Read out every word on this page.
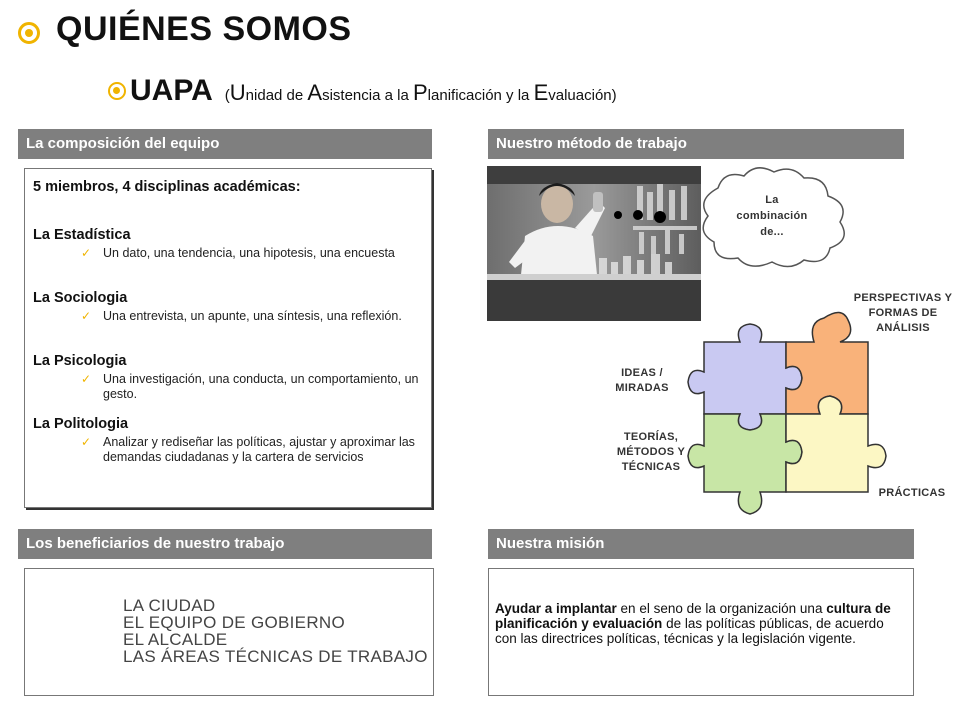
QUIÉNES SOMOS
UAPA (Unidad de Asistencia a la Planificación y la Evaluación)
La composición del equipo	Nuestro método de trabajo
Los beneficiarios de nuestro trabajo	Nuestra misión
5 miembros, 4 disciplinas académicas:
La Estadística
✓ Un dato, una tendencia, una hipotesis, una encuesta
La Sociologia
✓ Una entrevista, un apunte, una síntesis, una reflexión.
La Psicologia
✓ Una investigación, una conducta, un comportamiento, un gesto.
La Politologia
✓ Analizar y rediseñar las políticas, ajustar y aproximar las demandas ciudadanas y la cartera de servicios
La
combinación
de...
PERSPECTIVAS Y
FORMAS DE
ANÁLISIS
IDEAS /
MIRADAS
TEORÍAS,
MÉTODOS Y
TÉCNICAS
PRÁCTICAS
LA CIUDAD
EL EQUIPO DE GOBIERNO
EL ALCALDE
LAS ÁREAS TÉCNICAS DE TRABAJO
Ayudar a implantar en el seno de la organización una cultura de planificación y evaluación de las políticas públicas, de acuerdo con las directrices políticas, técnicas y la legislación vigente.
